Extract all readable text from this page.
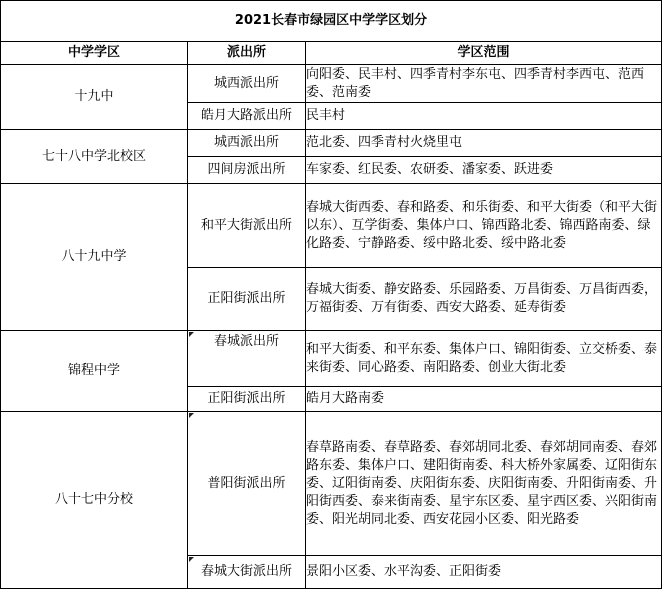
2021长春市绿园区中学学区划分		
中学学区	派出所	学区范围
十九中	城西派出所	向阳委、民丰村、四季青村李东屯、四季青村李西屯、范西委、范南委
	皓月大路派出所	民丰村
七十八中学北校区	城西派出所	范北委、四季青村火烧里屯
	四间房派出所	车家委、红民委、农研委、潘家委、跃进委
八十九中学	和平大街派出所	春城大街西委、春和路委、和乐街委、和平大街委（和平大街以东）、互学街委、集体户口、锦西路北委、锦西路南委、绿化路委、宁静路委、绥中路北委、绥中路北委
	正阳街派出所	春城大街委、静安路委、乐园路委、万昌街委、万昌街西委，万福街委、万有街委、西安大路委、延寿街委
锦程中学	春城派出所	和平大街委、和平东委、集体户口、锦阳街委、立交桥委、泰来街委、同心路委、南阳路委、创业大街北委
	正阳街派出所	皓月大路南委
八十七中分校	普阳街派出所	春草路南委、春草路委、春郊胡同北委、春郊胡同南委、春郊路东委、集体户口、建阳街南委、科大桥外家属委、辽阳街东委、辽阳街南委、庆阳街东委、庆阳街南委、升阳街南委、升阳街西委、泰来街南委、星宇东区委、星宇西区委、兴阳街南委、阳光胡同北委、西安花园小区委、阳光路委
	春城大街派出所	景阳小区委、水平沟委、正阳街委
